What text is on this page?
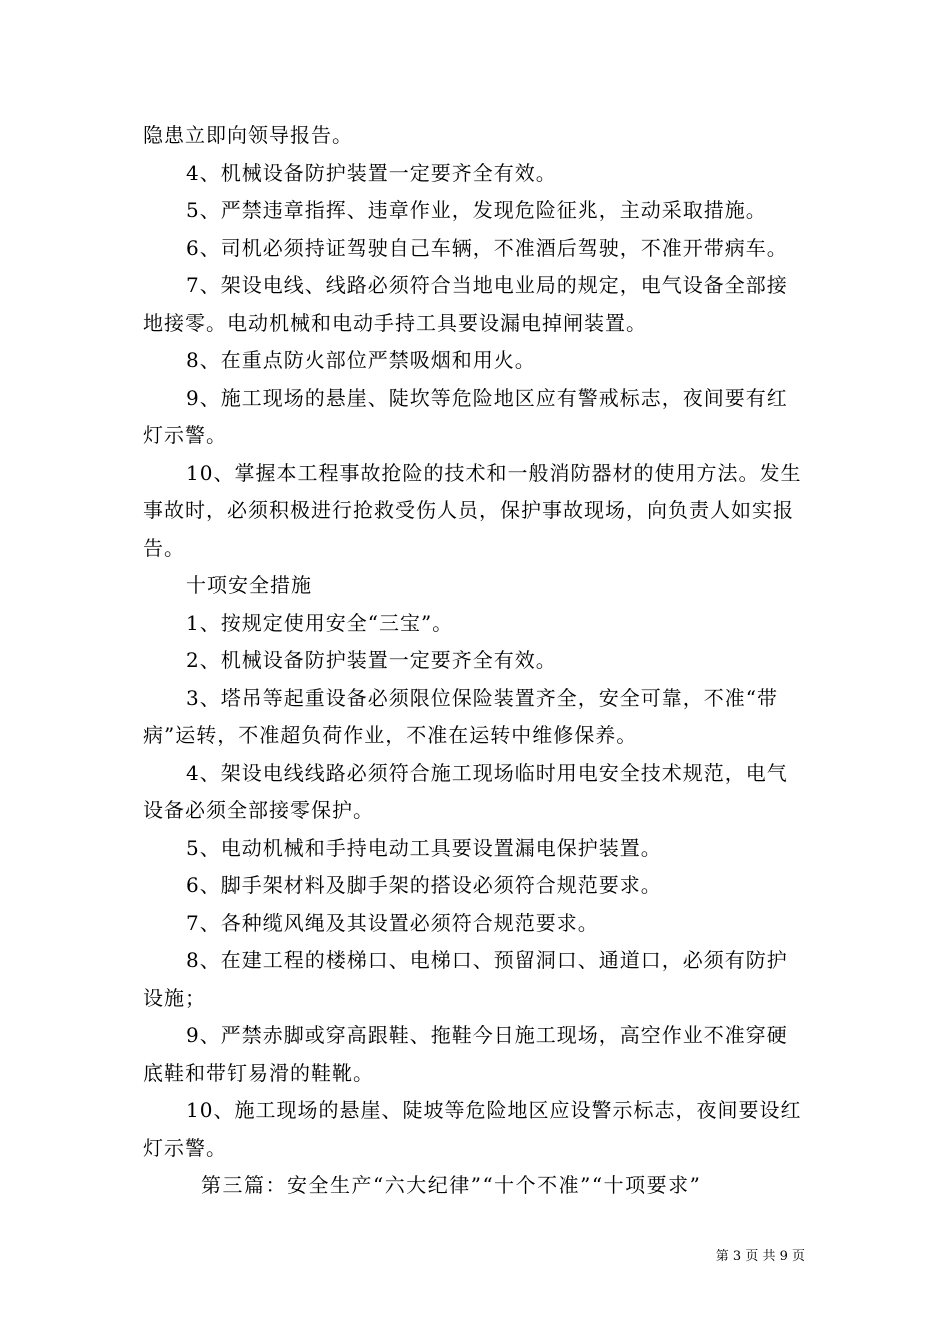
隐患立即向领导报告。

4、机械设备防护装置一定要齐全有效。

5、严禁违章指挥、违章作业，发现危险征兆，主动采取措施。

6、司机必须持证驾驶自己车辆，不准酒后驾驶，不准开带病车。

7、架设电线、线路必须符合当地电业局的规定，电气设备全部接地接零。电动机械和电动手持工具要设漏电掉闸装置。

8、在重点防火部位严禁吸烟和用火。

9、施工现场的悬崖、陡坎等危险地区应有警戒标志，夜间要有红灯示警。

10、掌握本工程事故抢险的技术和一般消防器材的使用方法。发生事故时，必须积极进行抢救受伤人员，保护事故现场，向负责人如实报告。

十项安全措施

1、按规定使用安全“三宝”。

2、机械设备防护装置一定要齐全有效。

3、塔吊等起重设备必须限位保险装置齐全，安全可靠，不准“带病”运转，不准超负荷作业，不准在运转中维修保养。

4、架设电线线路必须符合施工现场临时用电安全技术规范，电气设备必须全部接零保护。

5、电动机械和手持电动工具要设置漏电保护装置。

6、脚手架材料及脚手架的搭设必须符合规范要求。

7、各种缆风绳及其设置必须符合规范要求。

8、在建工程的楼梯口、电梯口、预留洞口、通道口，必须有防护设施；

9、严禁赤脚或穿高跟鞋、拖鞋今日施工现场，高空作业不准穿硬底鞋和带钉易滑的鞋靴。

10、施工现场的悬崖、陡坡等危险地区应设警示标志，夜间要设红灯示警。

第三篇：安全生产“六大纪律”“十个不准”“十项要求”

第 3 页 共 9 页
